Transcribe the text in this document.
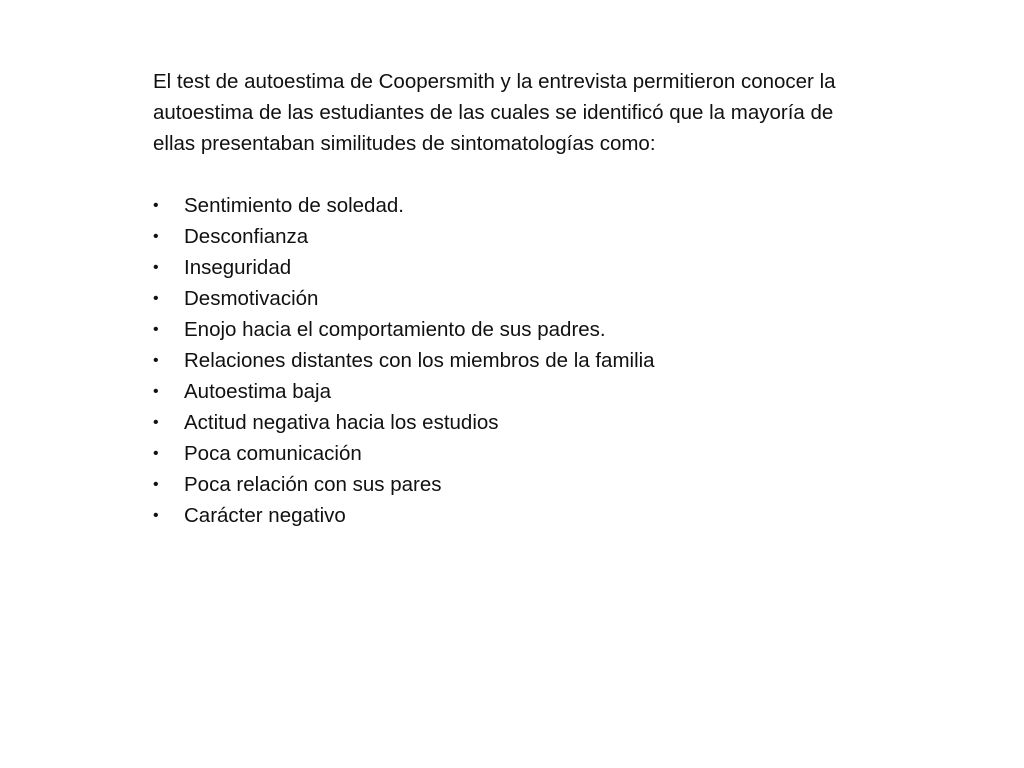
El test de autoestima de Coopersmith y la entrevista permitieron conocer la autoestima de las estudiantes de las cuales se identificó que la mayoría de ellas presentaban similitudes de sintomatologías como:

•	Sentimiento de soledad.
•	Desconfianza
•	Inseguridad
•	Desmotivación
•	Enojo hacia el comportamiento de sus padres.
•	Relaciones distantes con los miembros de la familia
•	Autoestima baja
•	Actitud negativa hacia los estudios
•	Poca comunicación
•	Poca relación con sus pares
•	Carácter negativo
